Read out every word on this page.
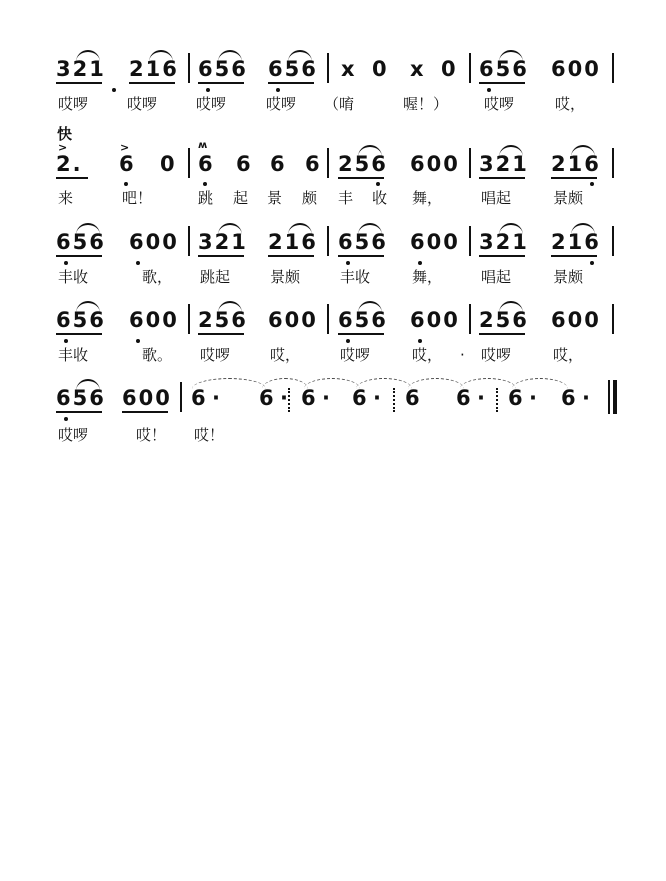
321 216 656 656 x 0 x 0 656 600
哎啰	哎啰	哎啰	哎啰 （唷	喔！） 哎啰	哎，
快
>	>	ʍ
2. 6 0 6 6 6 6 256 600 321 216
来	吧！	跳 起 景 颇 丰 收 舞，	唱起	景颇
656 600 321 216 656 600 321 216
丰收	歌， 跳起	景颇	丰收	舞，	唱起	景颇
656 600 256 600 656 600 256 600
丰收	歌。 哎啰	哎，	哎啰	哎， · 哎啰	哎，
656 600 6 · 6 · 6 · 6 · 6 6 · 6 · 6 ·
哎啰	哎！ 哎！
